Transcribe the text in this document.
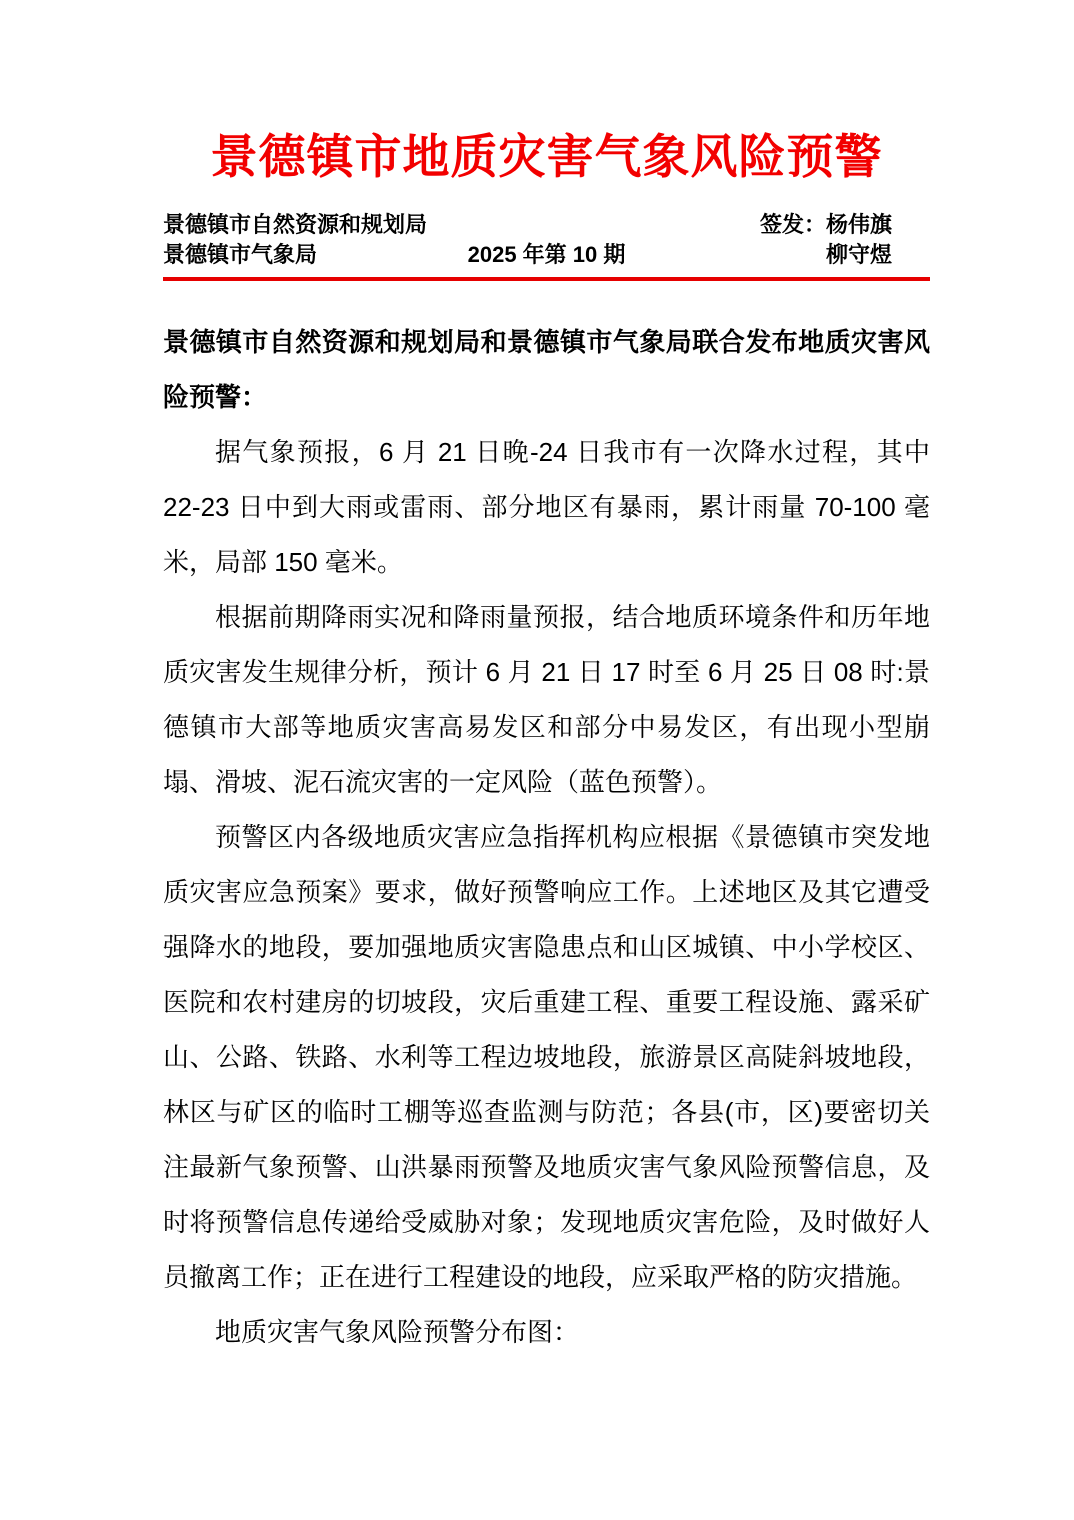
景德镇市地质灾害气象风险预警
景德镇市自然资源和规划局	签发：杨伟旗
景德镇市气象局	2025 年第 10 期	柳守煜

景德镇市自然资源和规划局和景德镇市气象局联合发布地质灾害风险预警：

据气象预报，6 月 21 日晚-24 日我市有一次降水过程，其中 22-23 日中到大雨或雷雨、部分地区有暴雨，累计雨量 70-100 毫米，局部 150 毫米。

根据前期降雨实况和降雨量预报，结合地质环境条件和历年地质灾害发生规律分析，预计 6 月 21 日 17 时至 6 月 25 日 08 时:景德镇市大部等地质灾害高易发区和部分中易发区，有出现小型崩塌、滑坡、泥石流灾害的一定风险（蓝色预警）。

预警区内各级地质灾害应急指挥机构应根据《景德镇市突发地质灾害应急预案》要求，做好预警响应工作。上述地区及其它遭受强降水的地段，要加强地质灾害隐患点和山区城镇、中小学校区、医院和农村建房的切坡段，灾后重建工程、重要工程设施、露采矿山、公路、铁路、水利等工程边坡地段，旅游景区高陡斜坡地段，林区与矿区的临时工棚等巡查监测与防范；各县(市，区)要密切关注最新气象预警、山洪暴雨预警及地质灾害气象风险预警信息，及时将预警信息传递给受威胁对象；发现地质灾害危险，及时做好人员撤离工作；正在进行工程建设的地段，应采取严格的防灾措施。

地质灾害气象风险预警分布图：
